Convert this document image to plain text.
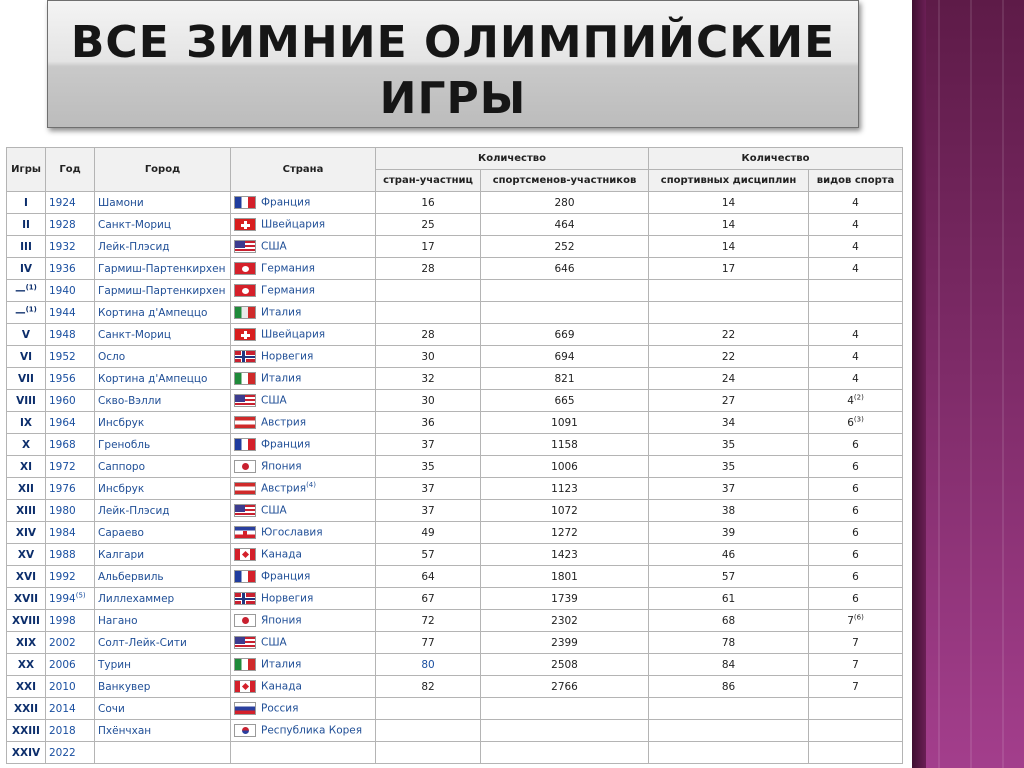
ВСЕ ЗИМНИЕ ОЛИМПИЙСКИЕ
ИГРЫ
Игры	Год	Город	Страна	Количество		Количество	
				стран-участниц	спортсменов-участников	спортивных дисциплин	видов спорта
I	1924	Шамони	Франция	16	280	14	4
II	1928	Санкт-Мориц	Швейцария	25	464	14	4
III	1932	Лейк-Плэсид	США	17	252	14	4
IV	1936	Гармиш-Партенкирхен	Германия	28	646	17	4
—$^{(1)}$	1940	Гармиш-Партенкирхен	Германия				
—$^{(1)}$	1944	Кортина д'Ампеццо	Италия				
V	1948	Санкт-Мориц	Швейцария	28	669	22	4
VI	1952	Осло	Норвегия	30	694	22	4
VII	1956	Кортина д'Ампеццо	Италия	32	821	24	4
VIII	1960	Скво-Вэлли	США	30	665	27	4$^{(2)}$
IX	1964	Инсбрук	Австрия	36	1091	34	6$^{(3)}$
X	1968	Гренобль	Франция	37	1158	35	6
XI	1972	Саппоро	Япония	35	1006	35	6
XII	1976	Инсбрук	Австрия$^{(4)}$	37	1123	37	6
XIII	1980	Лейк-Плэсид	США	37	1072	38	6
XIV	1984	Сараево	Югославия	49	1272	39	6
XV	1988	Калгари	Канада	57	1423	46	6
XVI	1992	Альбервиль	Франция	64	1801	57	6
XVII	1994$^{(5)}$	Лиллехаммер	Норвегия	67	1739	61	6
XVIII	1998	Нагано	Япония	72	2302	68	7$^{(6)}$
XIX	2002	Солт-Лейк-Сити	США	77	2399	78	7
XX	2006	Турин	Италия	80	2508	84	7
XXI	2010	Ванкувер	Канада	82	2766	86	7
XXII	2014	Сочи	Россия				
XXIII	2018	Пхёнчхан	Республика Корея				
XXIV	2022						
